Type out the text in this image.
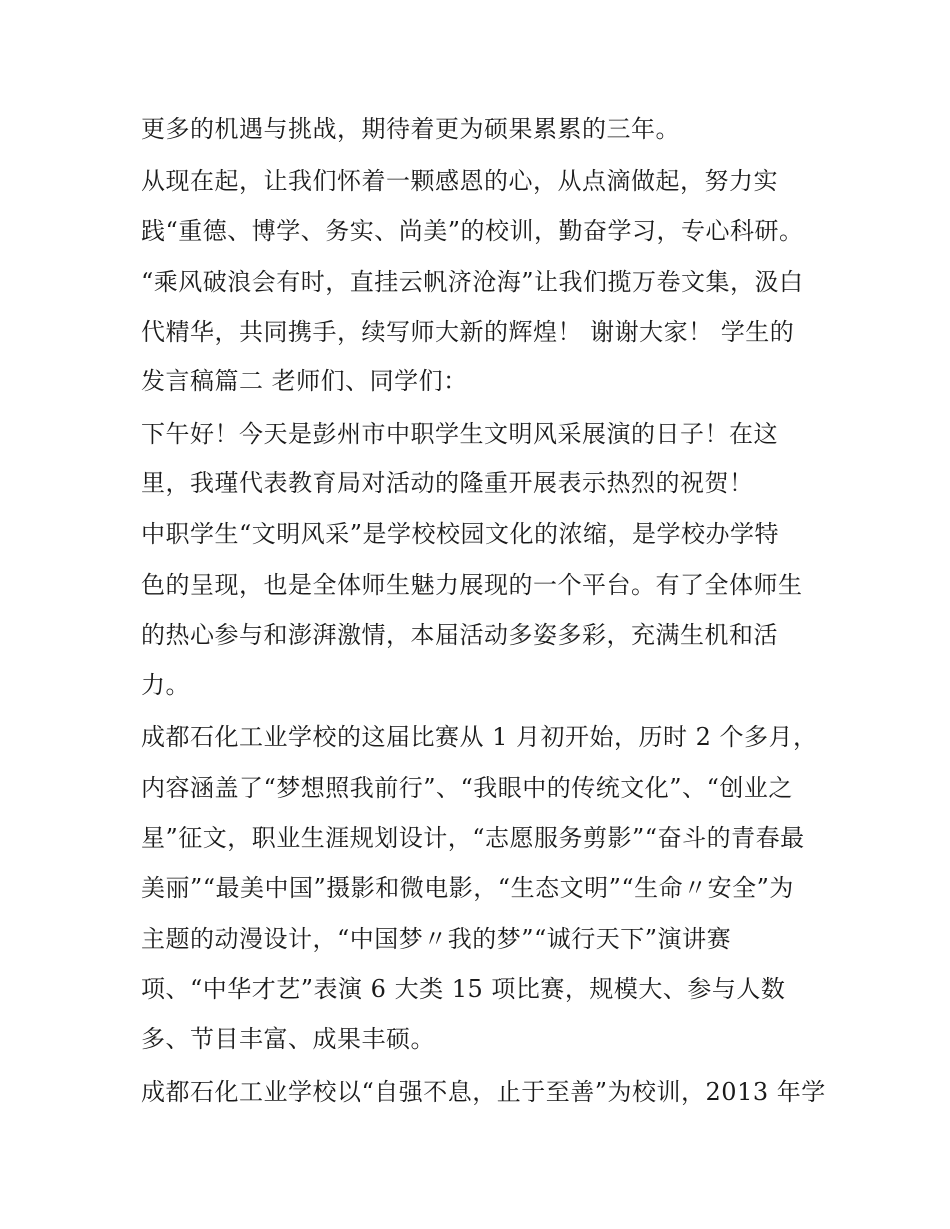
更多的机遇与挑战，期待着更为硕果累累的三年。
从现在起，让我们怀着一颗感恩的心，从点滴做起，努力实
践“重德、博学、务实、尚美”的校训，勤奋学习，专心科研。
“乘风破浪会有时，直挂云帆济沧海”让我们揽万卷文集，汲白
代精华，共同携手，续写师大新的辉煌！ 谢谢大家！ 学生的
发言稿篇二 老师们、同学们：
下午好！今天是彭州市中职学生文明风采展演的日子！在这
里，我瑾代表教育局对活动的隆重开展表示热烈的祝贺！
中职学生“文明风采”是学校校园文化的浓缩，是学校办学特
色的呈现，也是全体师生魅力展现的一个平台。有了全体师生
的热心参与和澎湃激情，本届活动多姿多彩，充满生机和活
力。
成都石化工业学校的这届比赛从 1 月初开始，历时 2 个多月，
内容涵盖了“梦想照我前行”、“我眼中的传统文化”、“创业之
星”征文，职业生涯规划设计，“志愿服务剪影”“奋斗的青春最
美丽”“最美中国”摄影和微电影，“生态文明”“生命〃安全”为
主题的动漫设计，“中国梦〃我的梦”“诚行天下”演讲赛
项、“中华才艺”表演 6 大类 15 项比赛，规模大、参与人数
多、节目丰富、成果丰硕。
成都石化工业学校以“自强不息，止于至善”为校训，2013 年学
